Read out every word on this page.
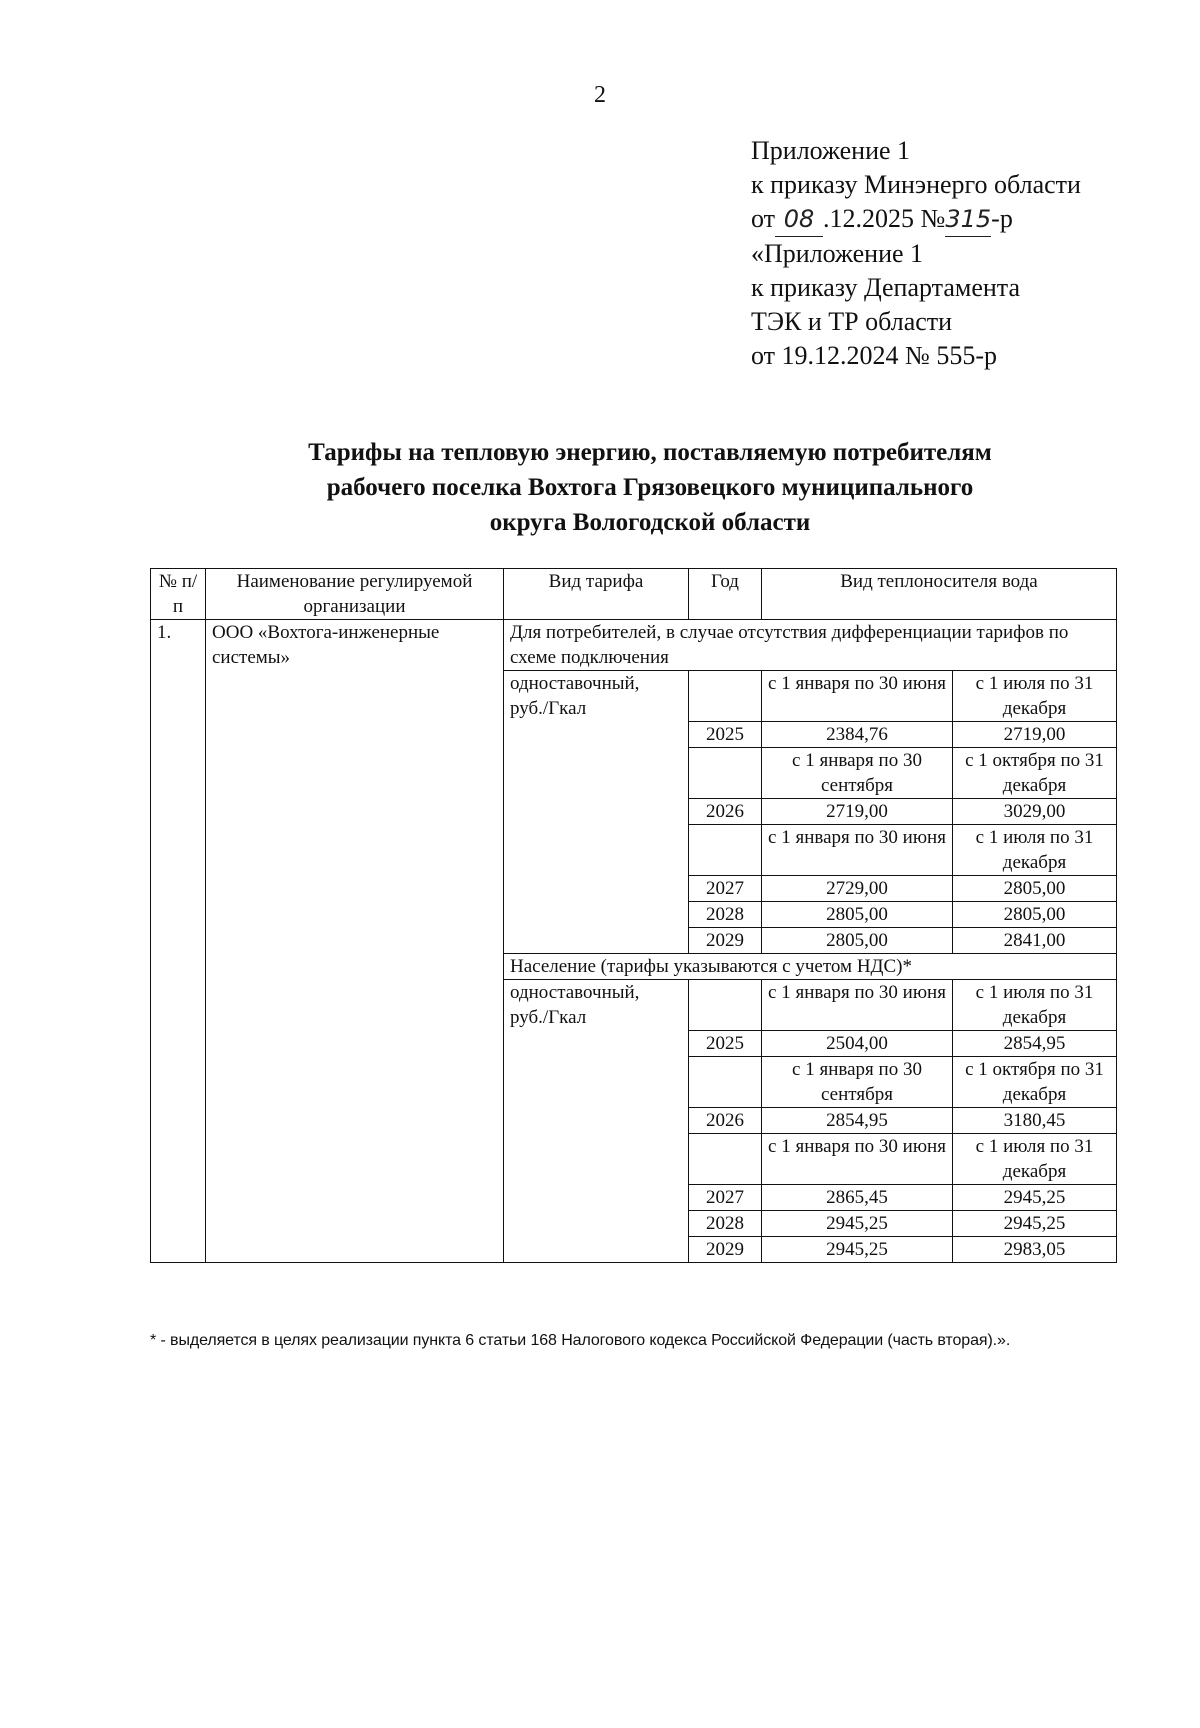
2
Приложение 1
к приказу Минэнерго области
от 08 .12.2025 №315-р
«Приложение 1
к приказу Департамента
ТЭК и ТР области
от 19.12.2024 № 555-р
Тарифы на тепловую энергию, поставляемую потребителям
рабочего поселка Вохтога Грязовецкого муниципального
округа Вологодской области
№ п/п	Наименование регулируемой организации	Вид тарифа	Год	Вид теплоносителя вода	
1.	ООО «Вохтога-инженерные системы»	Для потребителей, в случае отсутствия дифференциации тарифов по схеме подключения			
		одноставочный, руб./Гкал		с 1 января по 30 июня	с 1 июля по 31 декабря
			2025	2384,76	2719,00
				с 1 января по 30 сентября	с 1 октября по 31 декабря
			2026	2719,00	3029,00
				с 1 января по 30 июня	с 1 июля по 31 декабря
			2027	2729,00	2805,00
			2028	2805,00	2805,00
			2029	2805,00	2841,00
		Население (тарифы указываются с учетом НДС)*			
		одноставочный, руб./Гкал		с 1 января по 30 июня	с 1 июля по 31 декабря
			2025	2504,00	2854,95
				с 1 января по 30 сентября	с 1 октября по 31 декабря
			2026	2854,95	3180,45
				с 1 января по 30 июня	с 1 июля по 31 декабря
			2027	2865,45	2945,25
			2028	2945,25	2945,25
			2029	2945,25	2983,05
* - выделяется в целях реализации пункта 6 статьи 168 Налогового кодекса Российской Федерации (часть вторая).».
